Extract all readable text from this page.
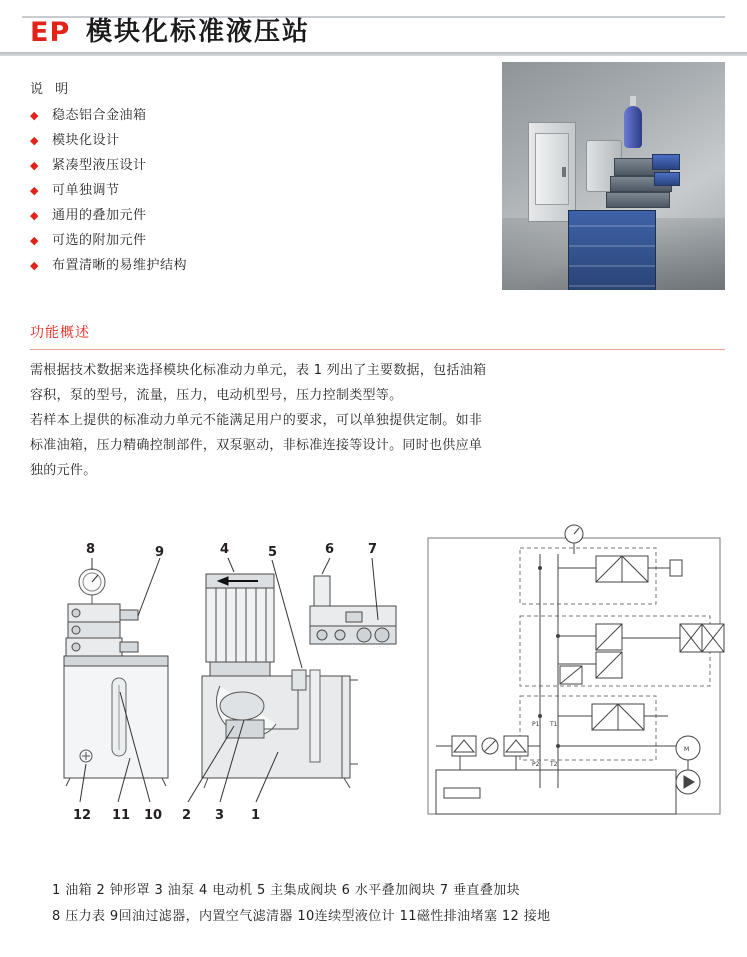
EP 模块化标准液压站
说 明
◆	稳态铝合金油箱
◆	模块化设计
◆	紧凑型液压设计
◆	可单独调节
◆	通用的叠加元件
◆	可选的附加元件
◆	布置清晰的易维护结构
功能概述

需根据技术数据来选择模块化标准动力单元，表 1 列出了主要数据，包括油箱容积，泵的型号，流量，压力，电动机型号，压力控制类型等。

若样本上提供的标准动力单元不能满足用户的要求，可以单独提供定制。如非标准油箱，压力精确控制部件，双泵驱动，非标准连接等设计。同时也供应单独的元件。

P1 T1
P2 T2
M
8	9	4	5	6	7
12 11 10 2 3 1
1 油箱 2 钟形罩 3 油泵 4 电动机 5 主集成阀块 6 水平叠加阀块 7 垂直叠加块
8 压力表 9回油过滤器，内置空气滤清器 10连续型液位计 11磁性排油堵塞 12 接地
